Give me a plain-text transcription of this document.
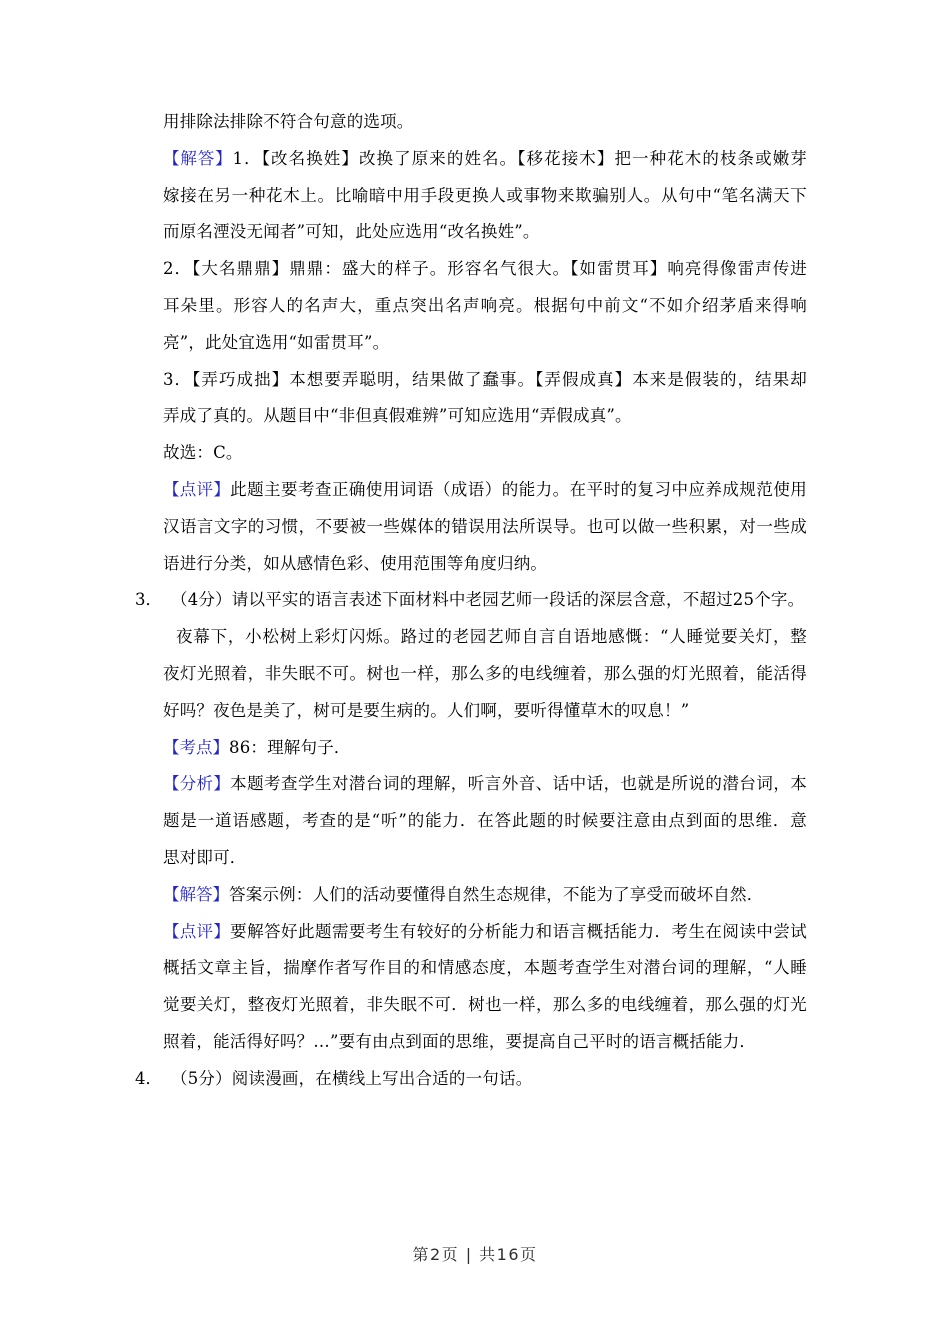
用排除法排除不符合句意的选项。
【解答】1．【改名换姓】改换了原来的姓名。【移花接木】把一种花木的枝条或嫩芽
嫁接在另一种花木上。比喻暗中用手段更换人或事物来欺骗别人。从句中“笔名满天下
而原名湮没无闻者”可知，此处应选用“改名换姓”。
2．【大名鼎鼎】鼎鼎：盛大的样子。形容名气很大。【如雷贯耳】响亮得像雷声传进
耳朵里。形容人的名声大，重点突出名声响亮。根据句中前文“不如介绍茅盾来得响
亮”，此处宜选用“如雷贯耳”。
3．【弄巧成拙】本想要弄聪明，结果做了蠢事。【弄假成真】本来是假装的，结果却
弄成了真的。从题目中“非但真假难辨”可知应选用“弄假成真”。
故选：C。
【点评】此题主要考查正确使用词语（成语）的能力。在平时的复习中应养成规范使用
汉语言文字的习惯，不要被一些媒体的错误用法所误导。也可以做一些积累，对一些成
语进行分类，如从感情色彩、使用范围等角度归纳。
3． （4分）请以平实的语言表述下面材料中老园艺师一段话的深层含意，不超过25个字。
夜幕下，小松树上彩灯闪烁。路过的老园艺师自言自语地感慨：“人睡觉要关灯，整
夜灯光照着，非失眠不可。树也一样，那么多的电线缠着，那么强的灯光照着，能活得
好吗？夜色是美了，树可是要生病的。人们啊，要听得懂草木的叹息！”
【考点】86：理解句子．
【分析】本题考查学生对潜台词的理解，听言外音、话中话，也就是所说的潜台词，本
题是一道语感题，考查的是“听”的能力．在答此题的时候要注意由点到面的思维．意
思对即可．
【解答】答案示例：人们的活动要懂得自然生态规律，不能为了享受而破坏自然．
【点评】要解答好此题需要考生有较好的分析能力和语言概括能力．考生在阅读中尝试
概括文章主旨，揣摩作者写作目的和情感态度，本题考查学生对潜台词的理解，“人睡
觉要关灯，整夜灯光照着，非失眠不可．树也一样，那么多的电线缠着，那么强的灯光
照着，能活得好吗？…”要有由点到面的思维，要提高自己平时的语言概括能力．
4． （5分）阅读漫画，在横线上写出合适的一句话。
第2页 | 共16页
